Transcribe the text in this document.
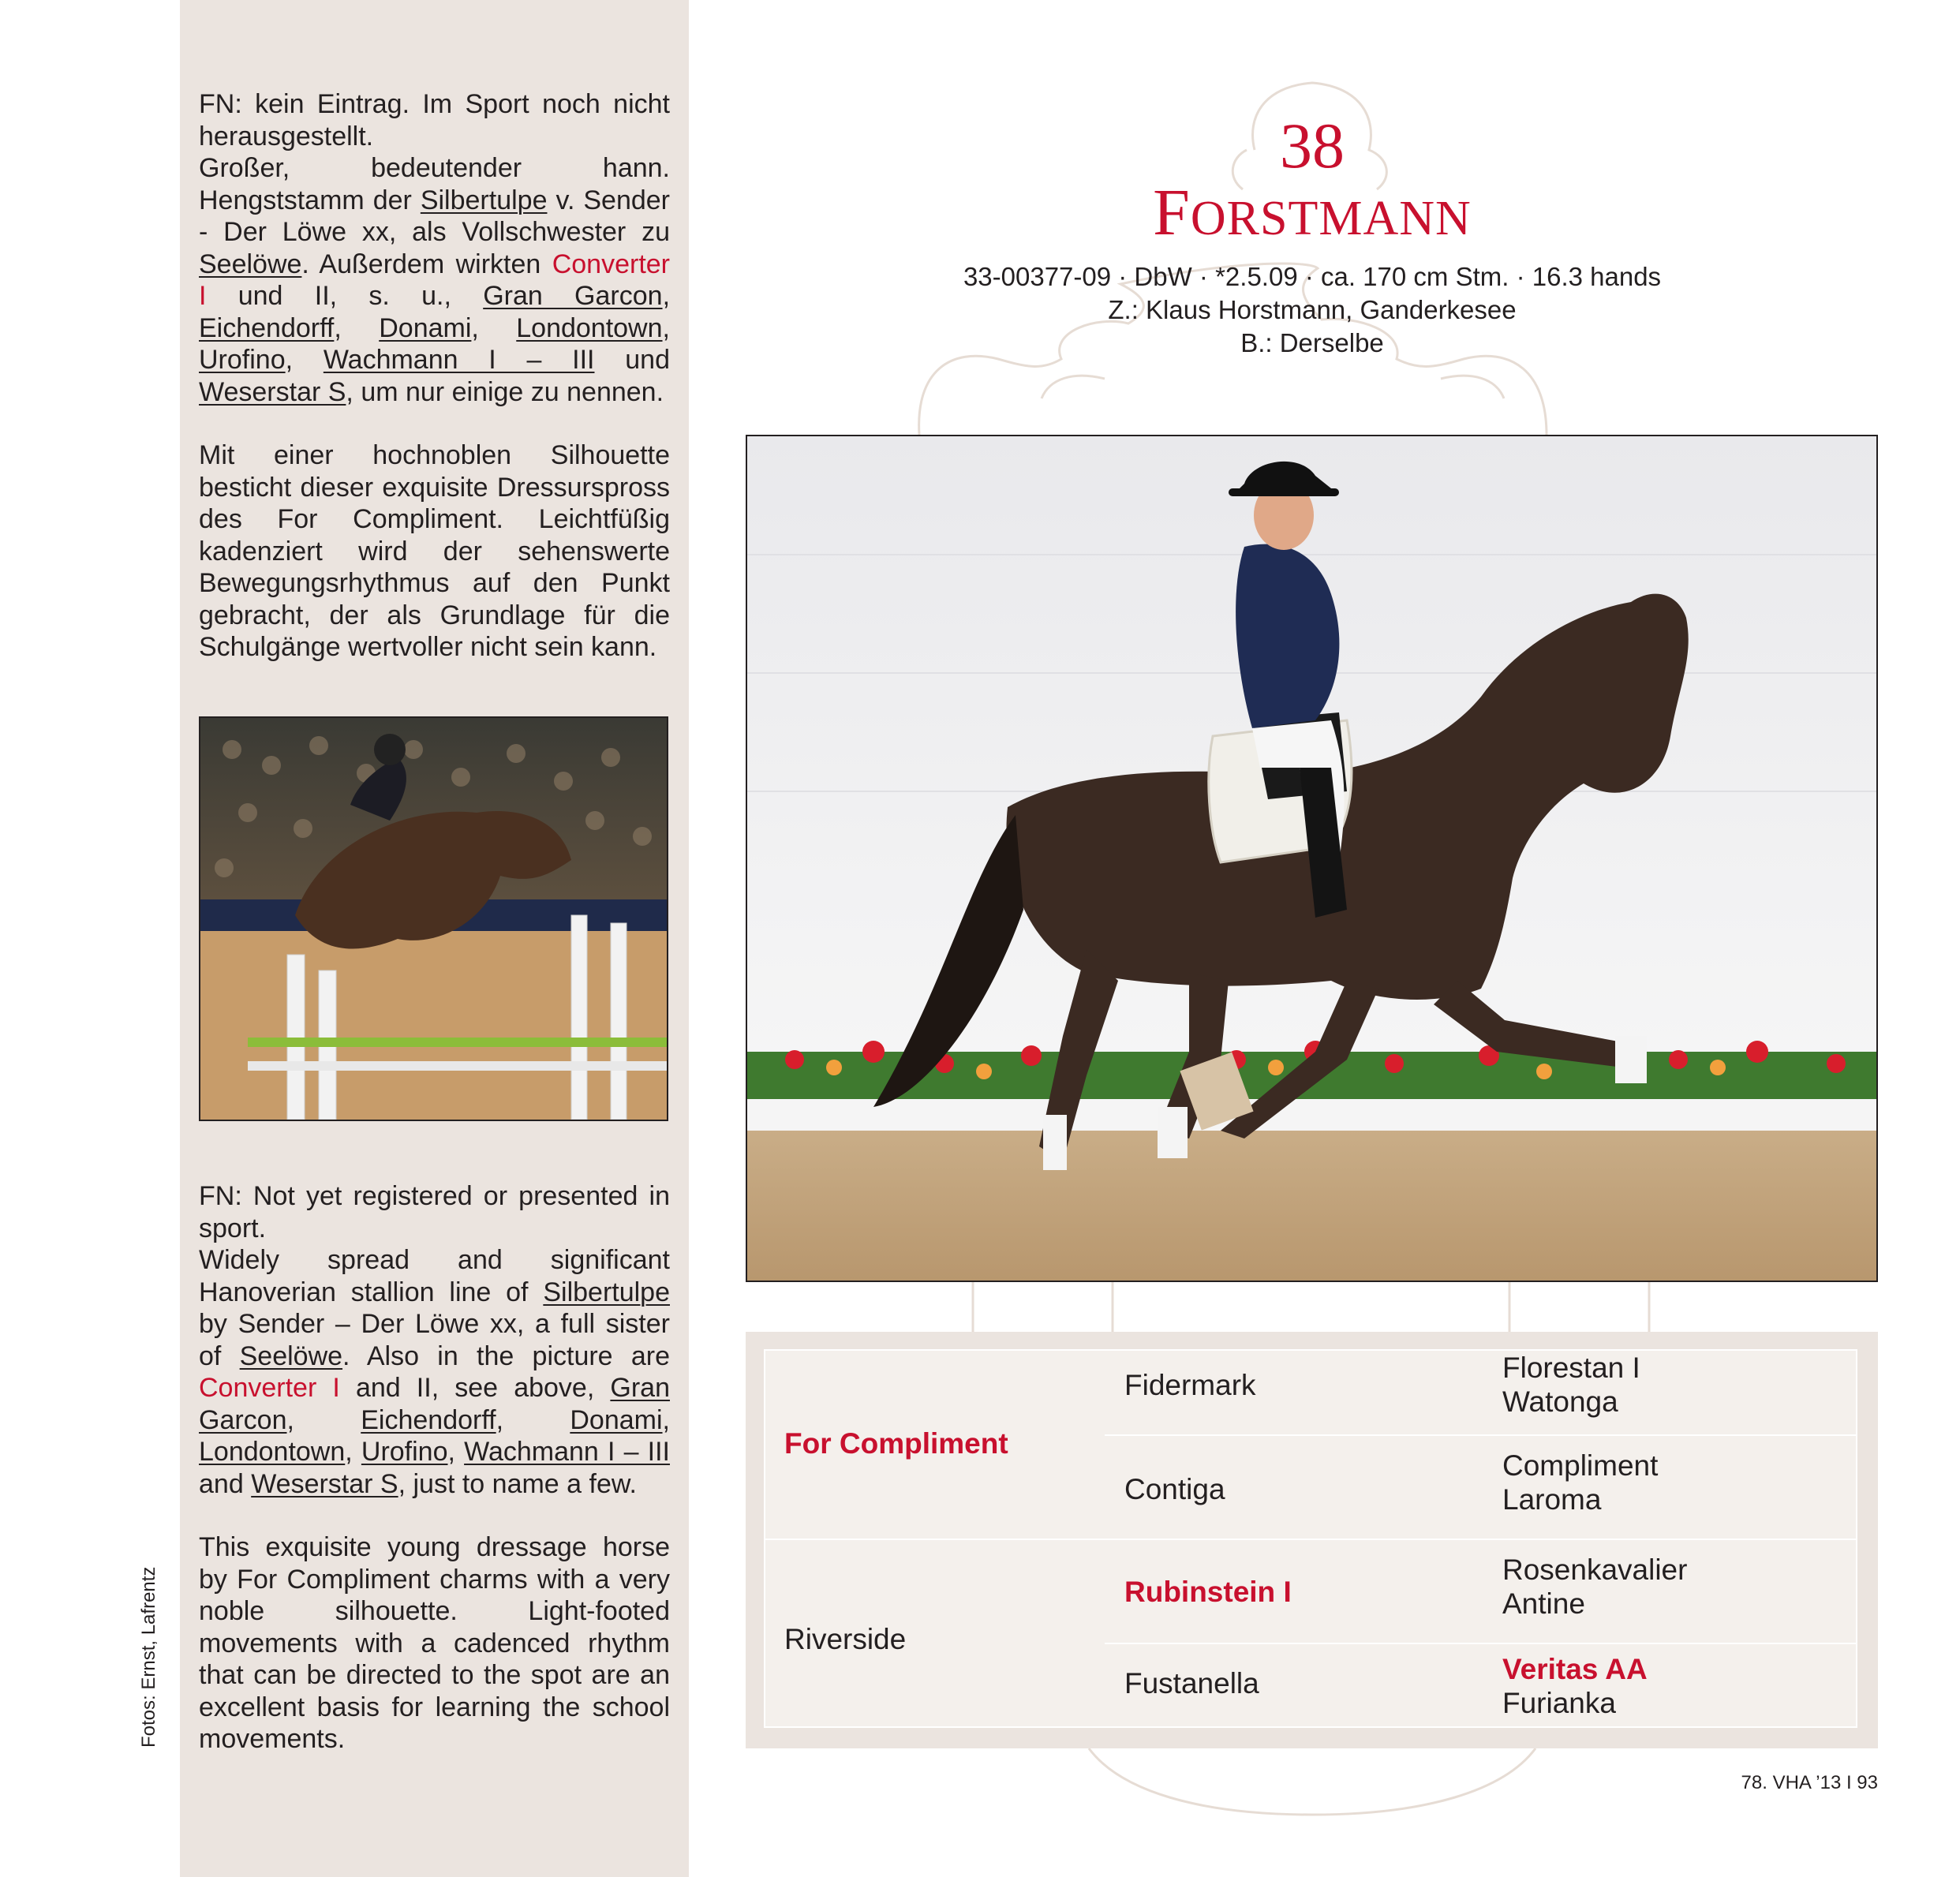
Fotos: Ernst, Lafrentz

FN: kein Eintrag. Im Sport noch nicht herausgestellt.
Großer, bedeutender hann. Hengststamm der Silbertulpe v. Sender - Der Löwe xx, als Vollschwester zu Seelöwe. Außerdem wirkten Converter I und II, s. u., Gran Garcon, Eichendorff, Donami, Londontown, Urofino, Wachmann I – III und Weserstar S, um nur einige zu nennen.

Mit einer hochnoblen Silhouette besticht dieser exquisite Dressurspross des For Compliment. Leichtfüßig kadenziert wird der sehenswerte Bewegungsrhythmus auf den Punkt gebracht, der als Grundlage für die Schulgänge wertvoller nicht sein kann.

FN: Not yet registered or presented in sport.
Widely spread and significant Hanoverian stallion line of Silbertulpe by Sender – Der Löwe xx, a full sister of Seelöwe. Also in the picture are Converter I and II, see above, Gran Garcon, Eichendorff, Donami, Londontown, Urofino, Wachmann I – III and Weserstar S, just to name a few.

This exquisite young dressage horse by For Compliment charms with a very noble silhouette. Light-footed movements with a cadenced rhythm that can be directed to the spot are an excellent basis for learning the school movements.

38
FORSTMANN
33-00377-09 · DbW · *2.5.09 · ca. 170 cm Stm. · 16.3 hands
Z.: Klaus Horstmann, Ganderkesee
B.: Derselbe
For Compliment
Riverside
Fidermark
Contiga
Rubinstein I
Fustanella
Florestan I
Watonga
Compliment
Laroma
Rosenkavalier
Antine
Veritas AA
Furianka
78. VHA ’13 I 93
